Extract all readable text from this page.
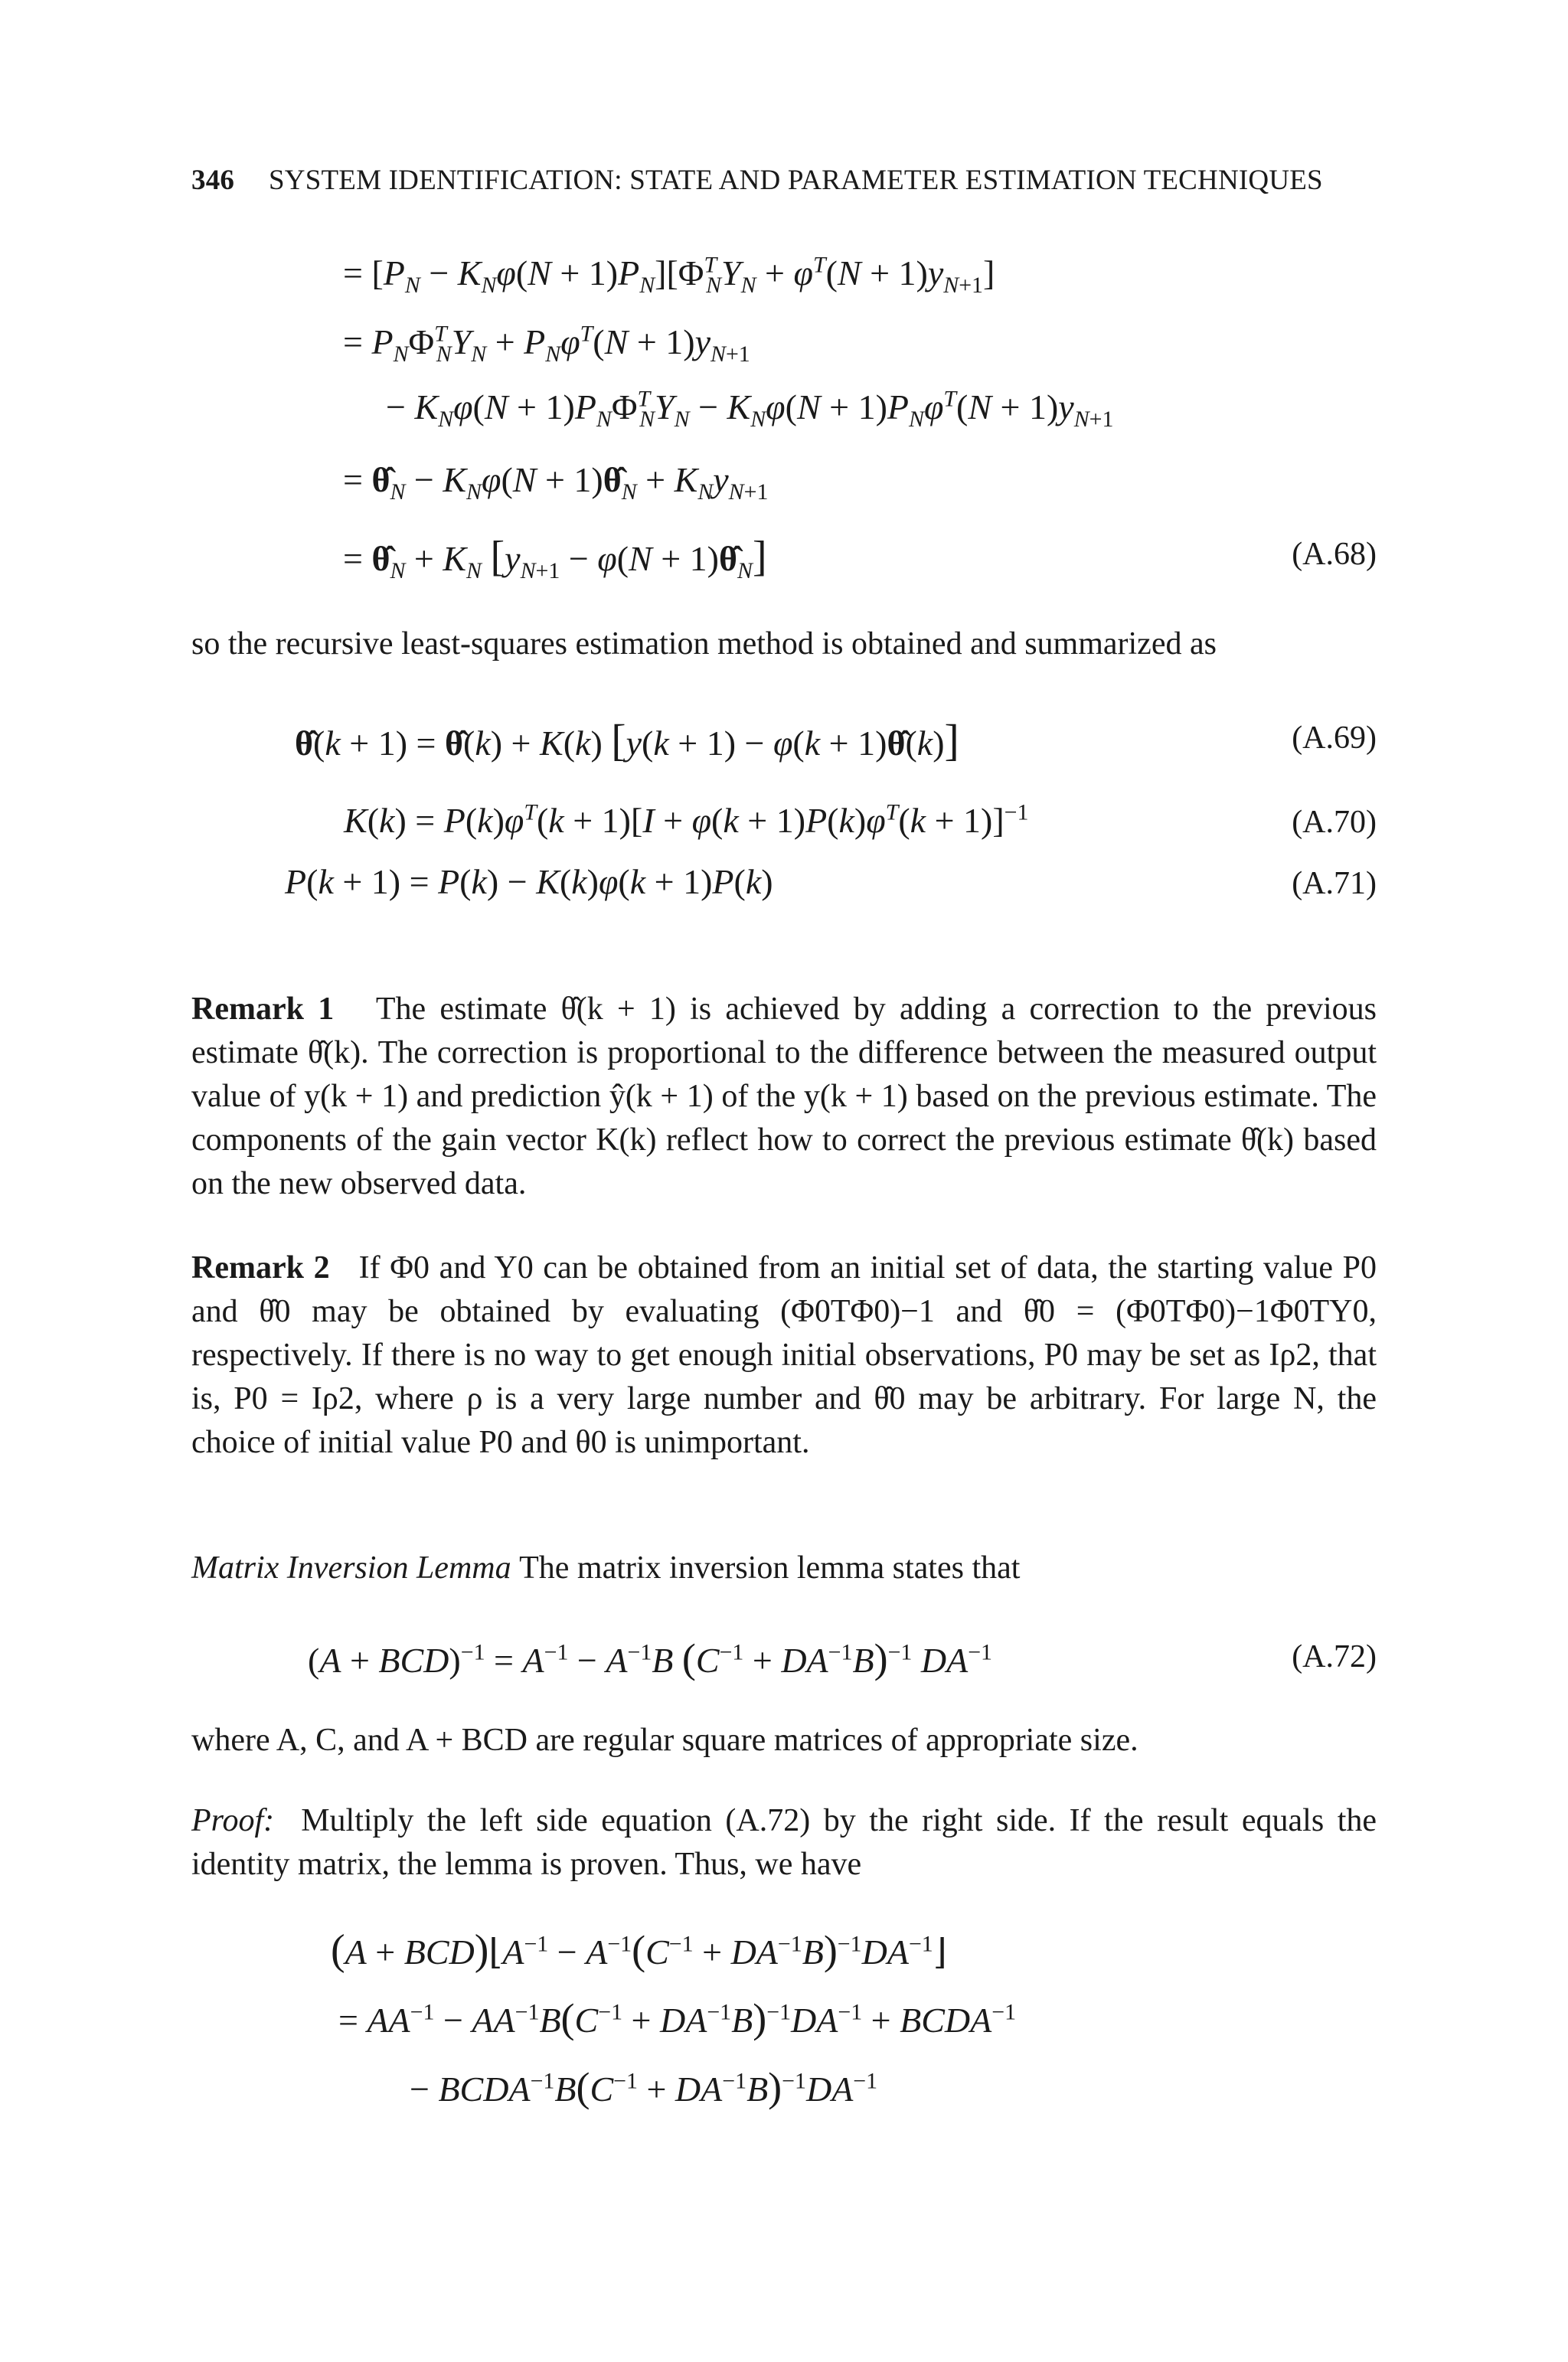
346 SYSTEM IDENTIFICATION: STATE AND PARAMETER ESTIMATION TECHNIQUES
= $[P_N - K_N\varphi(N + 1)P_N][\Phi^T_NY_N + \varphi^T(N + 1)y_{N+1}]$
= $P_N\Phi^T_NY_N + P_N\varphi^T(N + 1)y_{N+1}$
− $K_N\varphi(N + 1)P_N\Phi^T_NY_N - K_N\varphi(N + 1)P_N\varphi^T(N + 1)y_{N+1}$
= $\thetâ_N - K_N\varphi(N$ + $1)\thetâ_N + K_Ny_{N+1}$
= $\thetâ_N + K_N$ [$y_{N+1} - \varphi(N$ + $1)\thetâ_N$]	(A.68)

so the recursive least-squares estimation method is obtained and summarized as

θ̂(k + 1) = θ̂(k) + K(k) [y(k + 1) − φ(k + 1)θ̂(k)]	(A.69)
$K(k) = P(k)\varphi^T(k + 1)[I + \varphi(k + 1)P(k)\varphi^T(k + 1)]^{-1}$	(A.70)
P(k + 1) = P(k) − K(k)φ(k + 1)P(k)	(A.71)

Remark 1 The estimate θ̂(k + 1) is achieved by adding a correction to the previous estimate θ̂(k). The correction is proportional to the difference between the measured output value of y(k + 1) and prediction ŷ(k + 1) of the y(k + 1) based on the previous estimate. The components of the gain vector K(k) reflect how to correct the previous estimate θ̂(k) based on the new observed data.

Remark 2 If Φ0 and Y0 can be obtained from an initial set of data, the starting value P0 and θ̂0 may be obtained by evaluating (Φ0TΦ0)−1 and θ̂0 = (Φ0TΦ0)−1Φ0TY0, respectively. If there is no way to get enough initial observations, P0 may be set as Iρ2, that is, P0 = Iρ2, where ρ is a very large number and θ̂0 may be arbitrary. For large N, the choice of initial value P0 and θ0 is unimportant.

Matrix Inversion Lemma The matrix inversion lemma states that

$(A + BCD)^{-1} = A^{-1} - A^{-1}B$ $(C^{-1} + DA^{-1}B)^{-1}$ $DA^{-1}$	(A.72)

where A, C, and A + BCD are regular square matrices of appropriate size.

Proof: Multiply the left side equation (A.72) by the right side. If the result equals the identity matrix, the lemma is proven. Thus, we have

$(A + BCD)⌊A^{-1} - A^{-1}(C^{-1}$ + $DA^{-1}B)^{-1}DA^{-1}⌋$
= $AA^{-1} - AA^{-1}B(C^{-1} + DA^{-1}B)^{-1}DA^{-1}$ + $BCDA^{-1}$
− $BCDA^{-1}B(C^{-1} + DA^{-1}B)^{-1}DA^{-1}$
